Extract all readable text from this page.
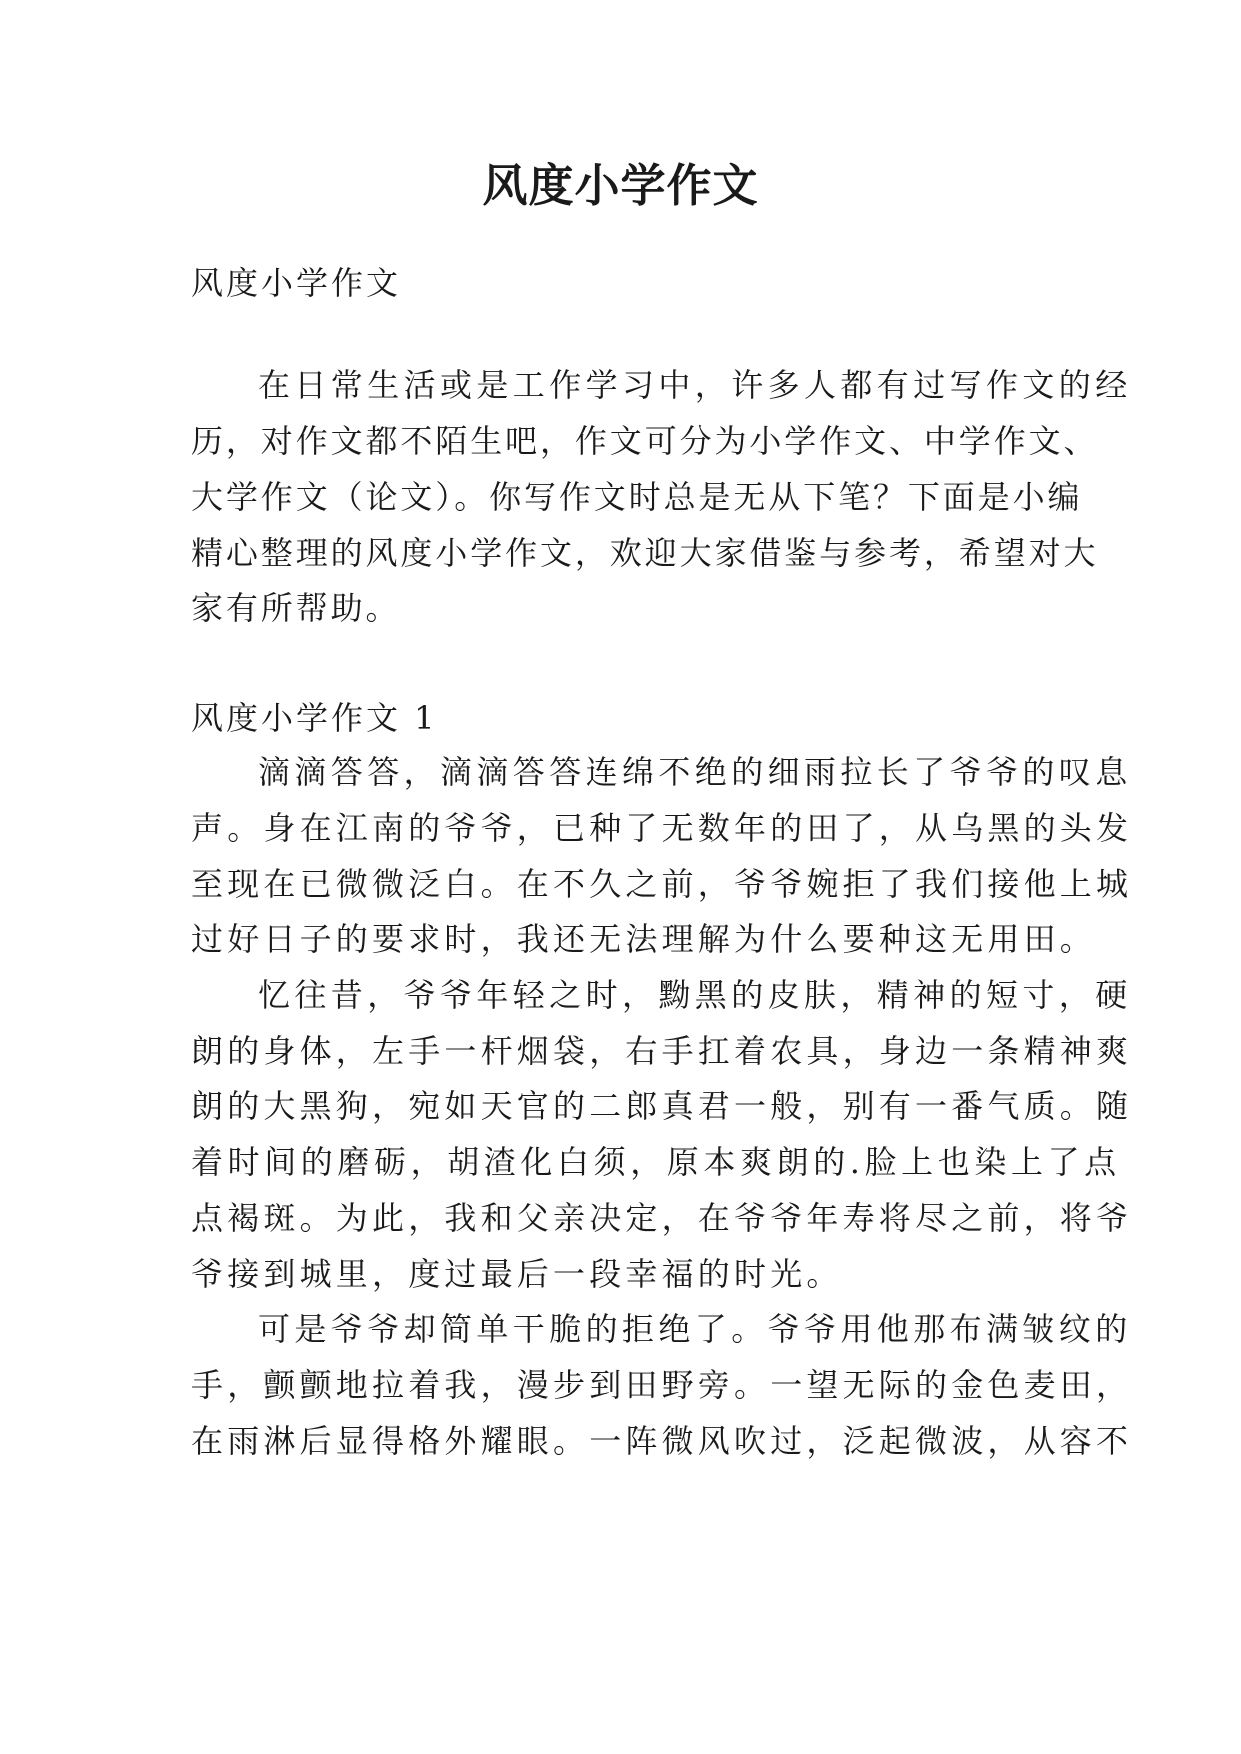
风度小学作文
风度小学作文
在日常生活或是工作学习中，许多人都有过写作文的经
历，对作文都不陌生吧，作文可分为小学作文、中学作文、
大学作文（论文）。你写作文时总是无从下笔？下面是小编
精心整理的风度小学作文，欢迎大家借鉴与参考，希望对大
家有所帮助。
风度小学作文 1
滴滴答答，滴滴答答连绵不绝的细雨拉长了爷爷的叹息
声。身在江南的爷爷，已种了无数年的田了，从乌黑的头发
至现在已微微泛白。在不久之前，爷爷婉拒了我们接他上城
过好日子的要求时，我还无法理解为什么要种这无用田。
忆往昔，爷爷年轻之时，黝黑的皮肤，精神的短寸，硬
朗的身体，左手一杆烟袋，右手扛着农具，身边一条精神爽
朗的大黑狗，宛如天官的二郎真君一般，别有一番气质。随
着时间的磨砺，胡渣化白须，原本爽朗的.脸上也染上了点
点褐斑。为此，我和父亲决定，在爷爷年寿将尽之前，将爷
爷接到城里，度过最后一段幸福的时光。
可是爷爷却简单干脆的拒绝了。爷爷用他那布满皱纹的
手，颤颤地拉着我，漫步到田野旁。一望无际的金色麦田，
在雨淋后显得格外耀眼。一阵微风吹过，泛起微波，从容不
